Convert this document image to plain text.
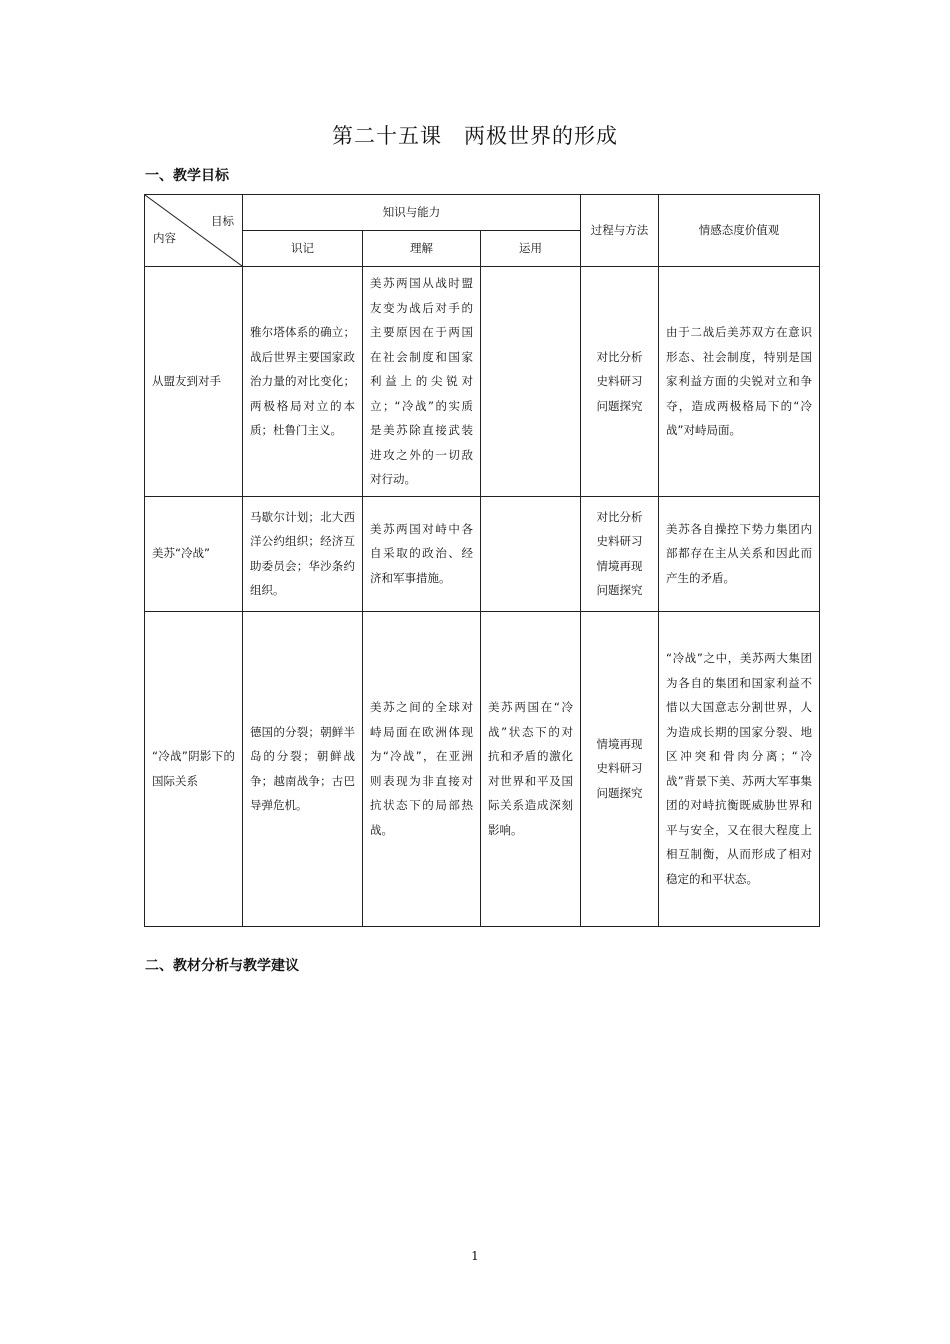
第二十五课　两极世界的形成
一、教学目标
目标
内容	知识与能力			过程与方法	情感态度价值观
	识记	理解	运用		
从盟友到对手	雅尔塔体系的确立；战后世界主要国家政治力量的对比变化；两极格局对立的本质；杜鲁门主义。	美苏两国从战时盟友变为战后对手的主要原因在于两国在社会制度和国家利益上的尖锐对立；“冷战”的实质是美苏除直接武装进攻之外的一切敌对行动。		对比分析
史料研习
问题探究	由于二战后美苏双方在意识形态、社会制度，特别是国家利益方面的尖锐对立和争夺，造成两极格局下的“冷战”对峙局面。
美苏“冷战”	马歇尔计划；北大西洋公约组织；经济互助委员会；华沙条约组织。	美苏两国对峙中各自采取的政治、经济和军事措施。		对比分析
史料研习
情境再现
问题探究	美苏各自操控下势力集团内部都存在主从关系和因此而产生的矛盾。
“冷战”阴影下的国际关系	德国的分裂；朝鲜半岛的分裂；朝鲜战争；越南战争；古巴导弹危机。	美苏之间的全球对峙局面在欧洲体现为“冷战”，在亚洲则表现为非直接对抗状态下的局部热战。	美苏两国在“冷战”状态下的对抗和矛盾的激化对世界和平及国际关系造成深刻影响。	情境再现
史料研习
问题探究	“冷战”之中，美苏两大集团为各自的集团和国家利益不惜以大国意志分割世界，人为造成长期的国家分裂、地区冲突和骨肉分离；“冷战”背景下美、苏两大军事集团的对峙抗衡既威胁世界和平与安全，又在很大程度上相互制衡，从而形成了相对稳定的和平状态。
二、教材分析与教学建议
1
